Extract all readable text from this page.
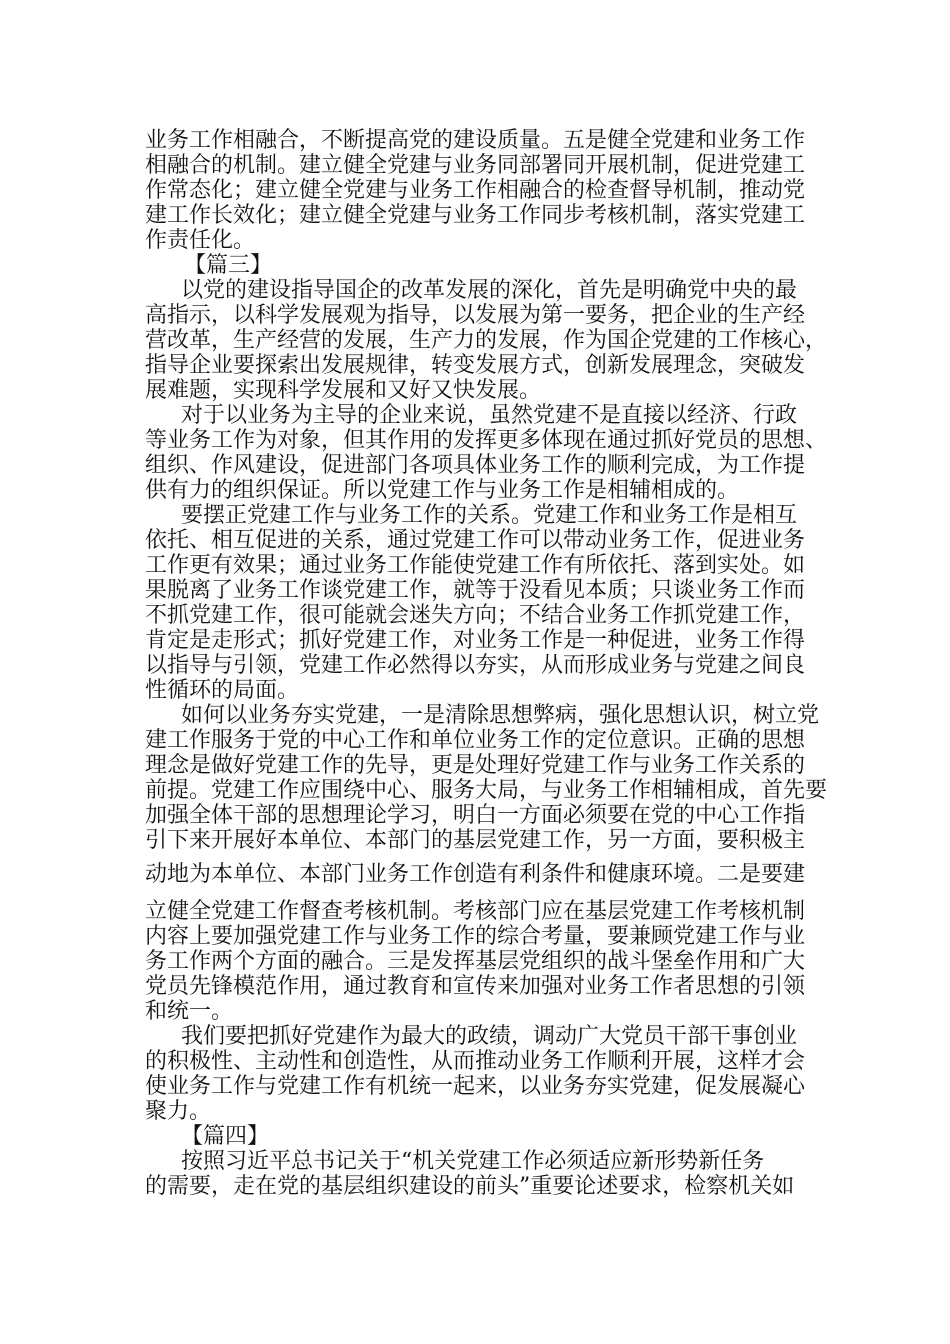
业务工作相融合，不断提高党的建设质量。五是健全党建和业务工作
相融合的机制。建立健全党建与业务同部署同开展机制，促进党建工
作常态化；建立健全党建与业务工作相融合的检查督导机制，推动党
建工作长效化；建立健全党建与业务工作同步考核机制，落实党建工
作责任化。
【篇三】
以党的建设指导国企的改革发展的深化，首先是明确党中央的最
高指示，以科学发展观为指导，以发展为第一要务，把企业的生产经
营改革，生产经营的发展，生产力的发展，作为国企党建的工作核心，
指导企业要探索出发展规律，转变发展方式，创新发展理念，突破发
展难题，实现科学发展和又好又快发展。
对于以业务为主导的企业来说，虽然党建不是直接以经济、行政
等业务工作为对象，但其作用的发挥更多体现在通过抓好党员的思想、
组织、作风建设，促进部门各项具体业务工作的顺利完成，为工作提
供有力的组织保证。所以党建工作与业务工作是相辅相成的。
要摆正党建工作与业务工作的关系。党建工作和业务工作是相互
依托、相互促进的关系，通过党建工作可以带动业务工作，促进业务
工作更有效果；通过业务工作能使党建工作有所依托、落到实处。如
果脱离了业务工作谈党建工作，就等于没看见本质；只谈业务工作而
不抓党建工作，很可能就会迷失方向；不结合业务工作抓党建工作，
肯定是走形式；抓好党建工作，对业务工作是一种促进，业务工作得
以指导与引领，党建工作必然得以夯实，从而形成业务与党建之间良
性循环的局面。
如何以业务夯实党建，一是清除思想弊病，强化思想认识，树立党
建工作服务于党的中心工作和单位业务工作的定位意识。正确的思想
理念是做好党建工作的先导，更是处理好党建工作与业务工作关系的
前提。党建工作应围绕中心、服务大局，与业务工作相辅相成，首先要
加强全体干部的思想理论学习，明白一方面必须要在党的中心工作指
引下来开展好本单位、本部门的基层党建工作，另一方面，要积极主
动地为本单位、本部门业务工作创造有利条件和健康环境。二是要建
立健全党建工作督查考核机制。考核部门应在基层党建工作考核机制
内容上要加强党建工作与业务工作的综合考量，要兼顾党建工作与业
务工作两个方面的融合。三是发挥基层党组织的战斗堡垒作用和广大
党员先锋模范作用，通过教育和宣传来加强对业务工作者思想的引领
和统一。
我们要把抓好党建作为最大的政绩，调动广大党员干部干事创业
的积极性、主动性和创造性，从而推动业务工作顺利开展，这样才会
使业务工作与党建工作有机统一起来，以业务夯实党建，促发展凝心
聚力。
【篇四】
按照习近平总书记关于“机关党建工作必须适应新形势新任务
的需要，走在党的基层组织建设的前头”重要论述要求，检察机关如
